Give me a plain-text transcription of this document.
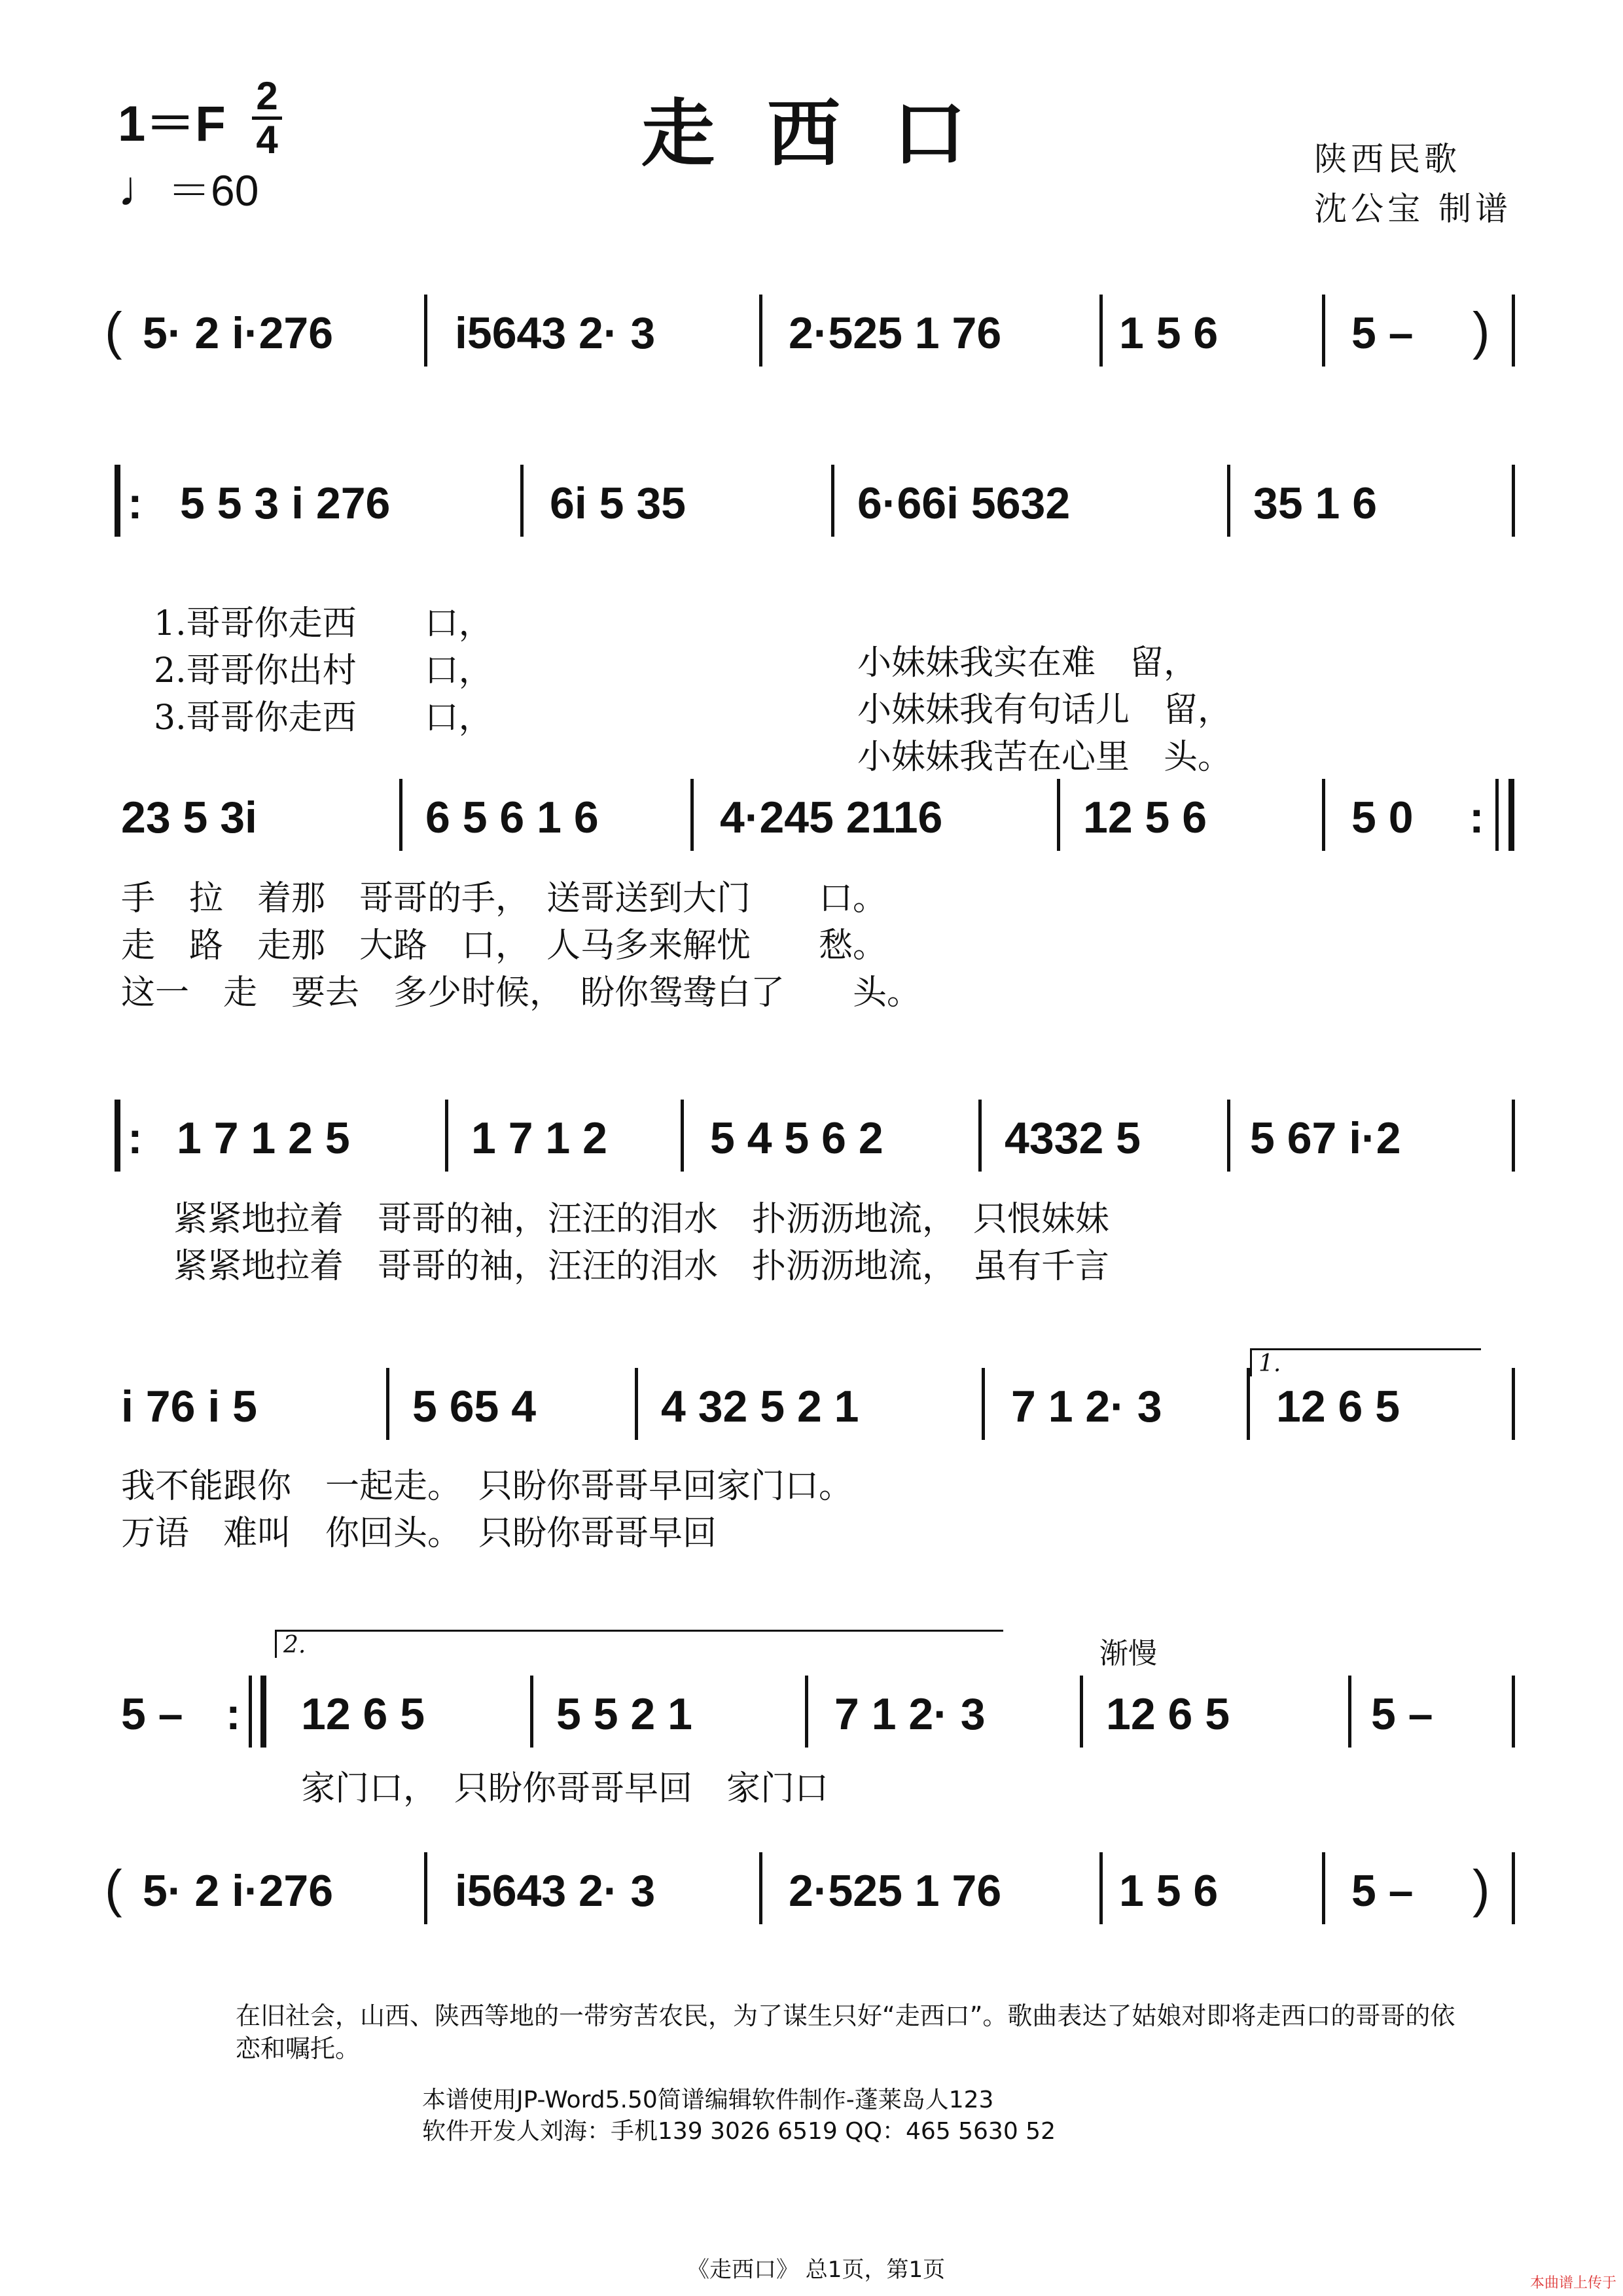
1＝F
2
4
♩＝60
走西口	陕西民歌
沈公宝 制谱
( 5· 2 i·276	i5643 2· 3	2·525 1 76	1 5 6	5 – )
: 5 5 3 i 276	6i 5 35	6·66i 5632	35 1 6

1.哥哥你走西　　口，

小妹妹我实在难　留，

2.哥哥你出村　　口，

小妹妹我有句话儿　留，

3.哥哥你走西　　口，

小妹妹我苦在心里　头。

23 5 3i	6 5 6 1 6	4·245 2116	12 5 6	5 0 :
手　拉　着那　哥哥的手，　送哥送到大门　　口。
走　路　走那　大路　口，　人马多来解忧　　愁。
这一　走　要去　多少时候，　盼你鸳鸯白了　　头。
: 1 7 1 2 5	1 7 1 2 5 4 5 6 2	4332 5 5 67 i·2
紧紧地拉着　哥哥的袖，汪汪的泪水　扑沥沥地流，　只恨妹妹
紧紧地拉着　哥哥的袖，汪汪的泪水　扑沥沥地流，　虽有千言
i 76 i 5	5 65 4	4 32 5 2 1	7 1 2· 3
1.
12 6 5
我不能跟你　一起走。　只盼你哥哥早回家门口。
万语　难叫　你回头。　只盼你哥哥早回
渐慢
5 – :
2.
12 6 5	5 5 2 1	7 1 2· 3	12 6 5	5 –
家门口，　只盼你哥哥早回　家门口
( 5· 2 i·276	i5643 2· 3	2·525 1 76	1 5 6	5 – )
在旧社会，山西、陕西等地的一带穷苦农民，为了谋生只好“走西口”。歌曲表达了姑娘对即将走西口的哥哥的依恋和嘱托。
本谱使用JP-Word5.50简谱编辑软件制作-蓬莱岛人123
软件开发人刘海：手机139 3026 6519 QQ：465 5630 52
《走西口》 总1页，第1页
本曲谱上传于
